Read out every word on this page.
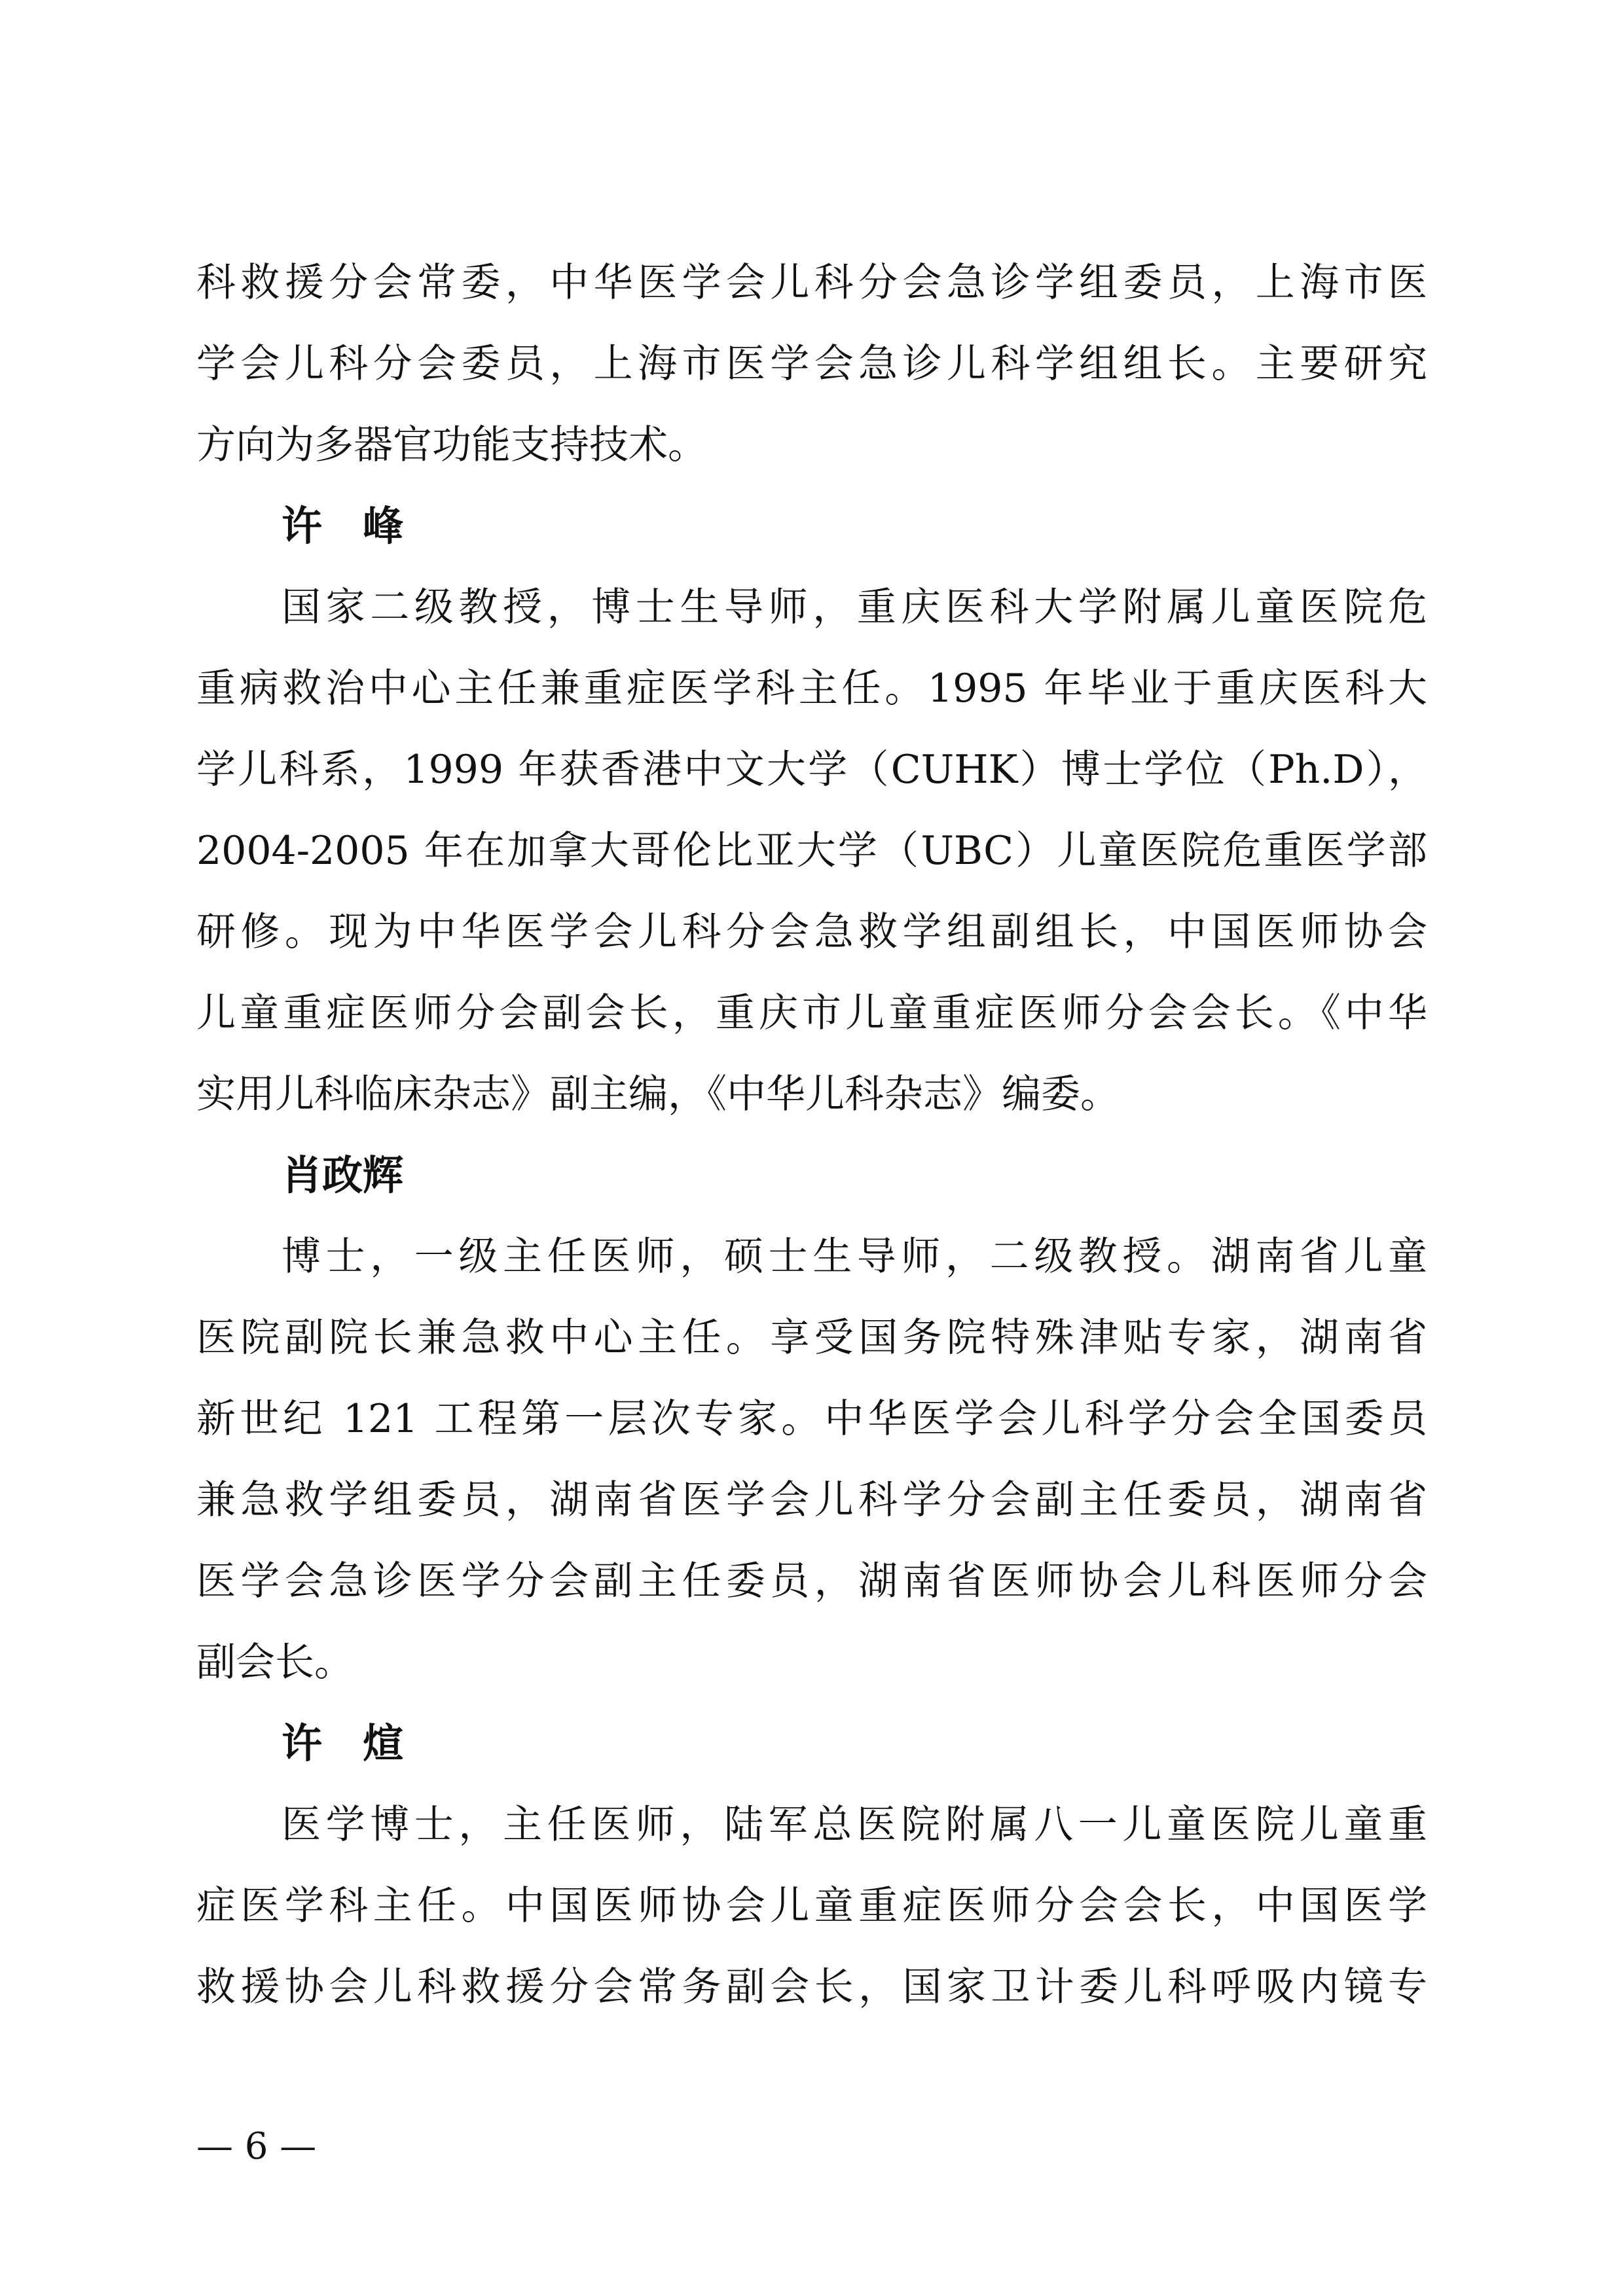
科救援分会常委，中华医学会儿科分会急诊学组委员，上海市医
学会儿科分会委员，上海市医学会急诊儿科学组组长。主要研究
方向为多器官功能支持技术。
许　峰
国家二级教授，博士生导师，重庆医科大学附属儿童医院危
重病救治中心主任兼重症医学科主任。1995 年毕业于重庆医科大
学儿科系，1999 年获香港中文大学（CUHK）博士学位（Ph.D），
2004-2005 年在加拿大哥伦比亚大学（UBC）儿童医院危重医学部
研修。现为中华医学会儿科分会急救学组副组长，中国医师协会
儿童重症医师分会副会长，重庆市儿童重症医师分会会长。《中华
实用儿科临床杂志》副主编，《中华儿科杂志》编委。
肖政辉
博士，一级主任医师，硕士生导师，二级教授。湖南省儿童
医院副院长兼急救中心主任。享受国务院特殊津贴专家，湖南省
新世纪 121 工程第一层次专家。中华医学会儿科学分会全国委员
兼急救学组委员，湖南省医学会儿科学分会副主任委员，湖南省
医学会急诊医学分会副主任委员，湖南省医师协会儿科医师分会
副会长。
许　煊
医学博士，主任医师，陆军总医院附属八一儿童医院儿童重
症医学科主任。中国医师协会儿童重症医师分会会长，中国医学
救援协会儿科救援分会常务副会长，国家卫计委儿科呼吸内镜专
— 6 —
